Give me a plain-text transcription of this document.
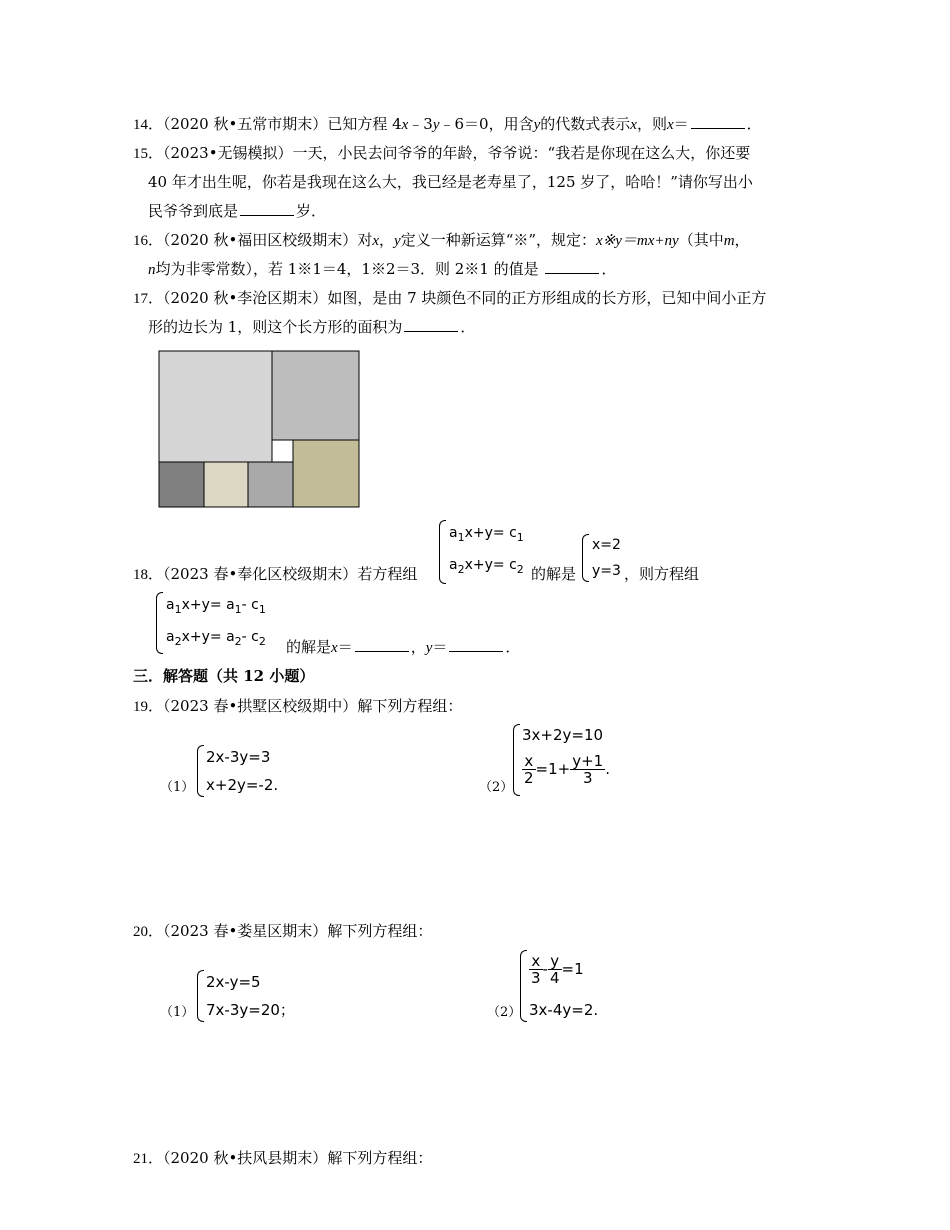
14．（2020 秋•五常市期末）已知方程 4x﹣3y﹣6＝0，用含y的代数式表示x，则x＝	．
15．（2023•无锡模拟）一天，小民去问爷爷的年龄，爷爷说：“我若是你现在这么大，你还要
40 年才出生呢，你若是我现在这么大，我已经是老寿星了，125 岁了，哈哈！”请你写出小
民爷爷到底是	岁．
16．（2020 秋•福田区校级期末）对x，y定义一种新运算“※”，规定：x※y＝mx+ny（其中m，
n均为非零常数），若 1※1＝4，1※2＝3．则 2※1 的值是	．
17．（2020 秋•李沧区期末）如图，是由 7 块颜色不同的正方形组成的长方形，已知中间小正方
形的边长为 1，则这个长方形的面积为	．
$a_1x+y= c_1$
$a_2x+y= c_2$
x=2
y=3
18．（2023 春•奉化区校级期末）若方程组	的解是	，则方程组
$a_1x+y= a_1-$ $c_1$
$a_2x+y= a_2-$ $c_2$ 的解是x＝	，y＝	．
三．解答题（共 12 小题）
19．（2023 春•拱墅区校级期中）解下列方程组：
（1）
2x-3y=3
x+2y=-2.	（2）
3x+2y=10
$\frac{x}{2} =1+ \frac{y+1}{3}$ .
20．（2023 春•娄星区期末）解下列方程组：
（1）
2x-y=5
7x-3y=20；	（2）
$\frac{x}{3} - \frac{y}{4} =1$
3x-4y=2.
21．（2020 秋•扶风县期末）解下列方程组：
